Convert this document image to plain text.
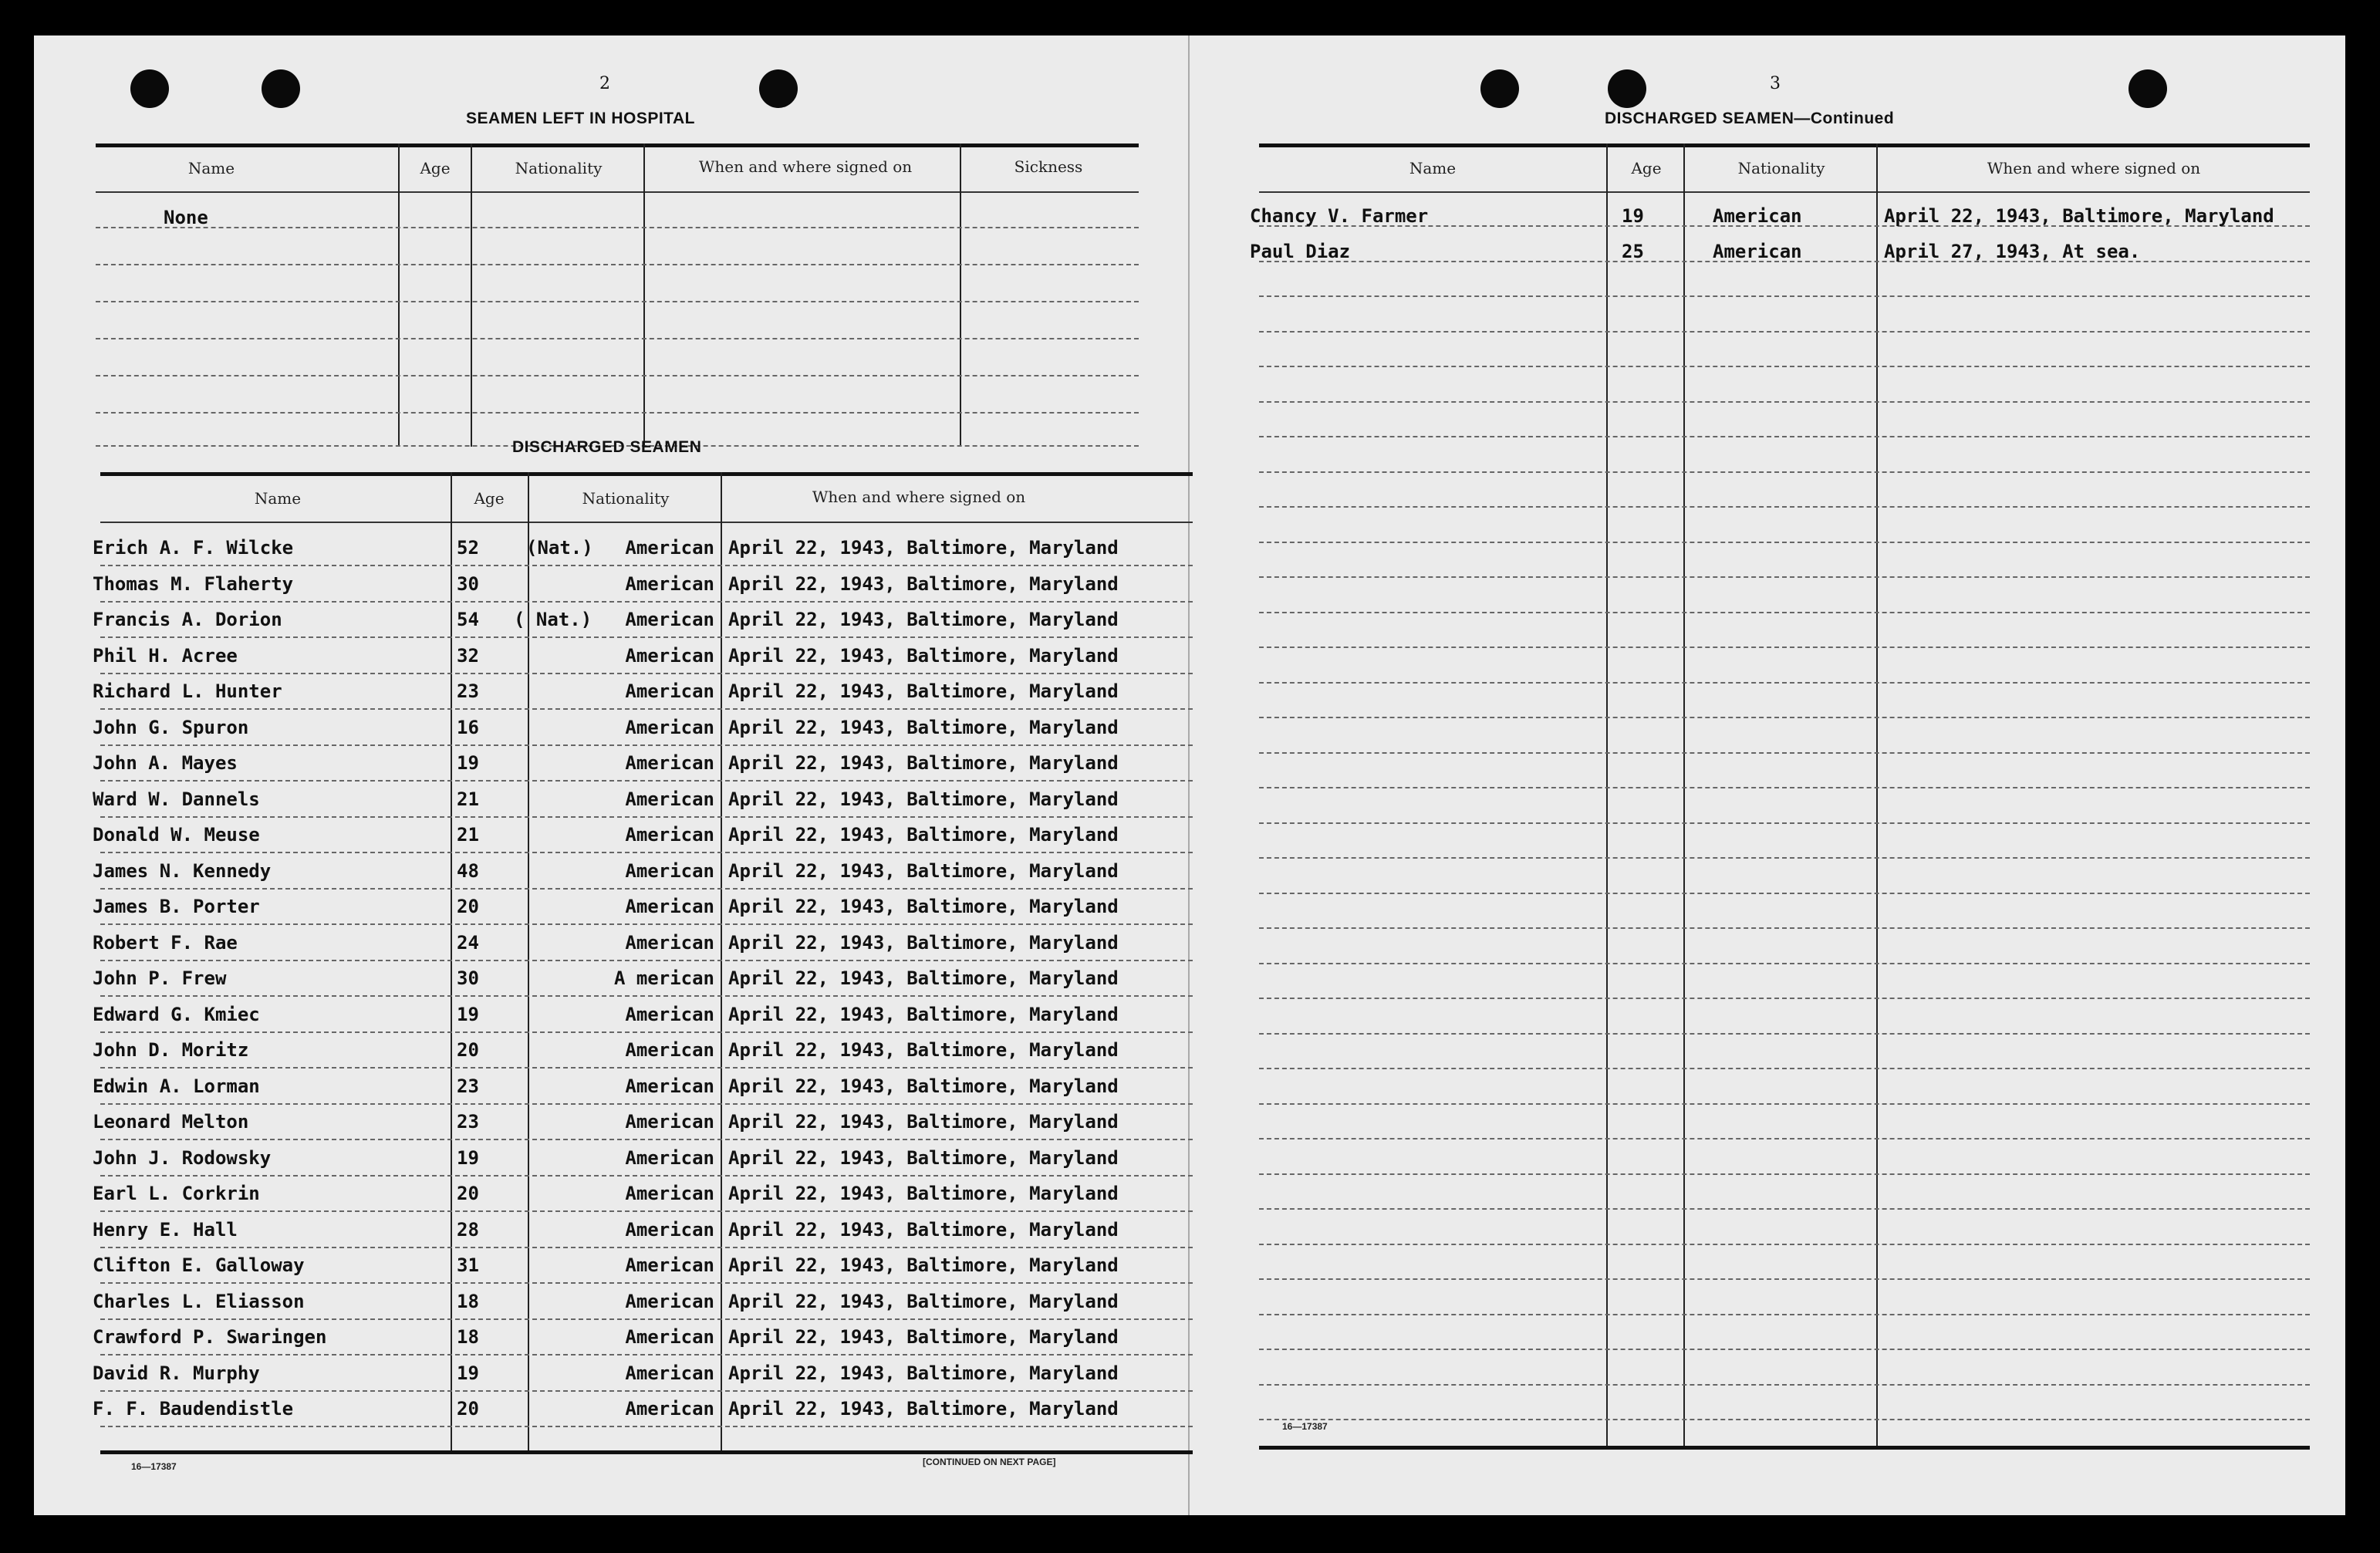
2
SEAMEN LEFT IN HOSPITAL
Name	Age	Nationality	When and where signed on	Sickness
None
DISCHARGED SEAMEN
Name	Age	Nationality	When and where signed on
Erich A. F. Wilcke	52	(Nat.)	American April 22, 1943, Baltimore, Maryland
Thomas M. Flaherty	30	American April 22, 1943, Baltimore, Maryland
Francis A. Dorion	54 ( Nat.)	American April 22, 1943, Baltimore, Maryland
Phil H. Acree	32	American April 22, 1943, Baltimore, Maryland
Richard L. Hunter	23	American April 22, 1943, Baltimore, Maryland
John G. Spuron	16	American April 22, 1943, Baltimore, Maryland
John A. Mayes	19	American April 22, 1943, Baltimore, Maryland
Ward W. Dannels	21	American April 22, 1943, Baltimore, Maryland
Donald W. Meuse	21	American April 22, 1943, Baltimore, Maryland
James N. Kennedy	48	American April 22, 1943, Baltimore, Maryland
James B. Porter	20	American April 22, 1943, Baltimore, Maryland
Robert F. Rae	24	American April 22, 1943, Baltimore, Maryland
John P. Frew	30	A merican April 22, 1943, Baltimore, Maryland
Edward G. Kmiec	19	American April 22, 1943, Baltimore, Maryland
John D. Moritz	20	American April 22, 1943, Baltimore, Maryland
Edwin A. Lorman	23	American April 22, 1943, Baltimore, Maryland
Leonard Melton	23	American April 22, 1943, Baltimore, Maryland
John J. Rodowsky	19	American April 22, 1943, Baltimore, Maryland
Earl L. Corkrin	20	American April 22, 1943, Baltimore, Maryland
Henry E. Hall	28	American April 22, 1943, Baltimore, Maryland
Clifton E. Galloway	31	American April 22, 1943, Baltimore, Maryland
Charles L. Eliasson	18	American April 22, 1943, Baltimore, Maryland
Crawford P. Swaringen	18	American April 22, 1943, Baltimore, Maryland
David R. Murphy	19	American April 22, 1943, Baltimore, Maryland
F. F. Baudendistle	20	American April 22, 1943, Baltimore, Maryland
16—17387	[CONTINUED ON NEXT PAGE]
3
DISCHARGED SEAMEN—Continued
Name	Age	Nationality	When and where signed on
Chancy V. Farmer	19	American	April 22, 1943, Baltimore, Maryland
Paul Diaz	25	American	April 27, 1943, At sea.
16—17387
